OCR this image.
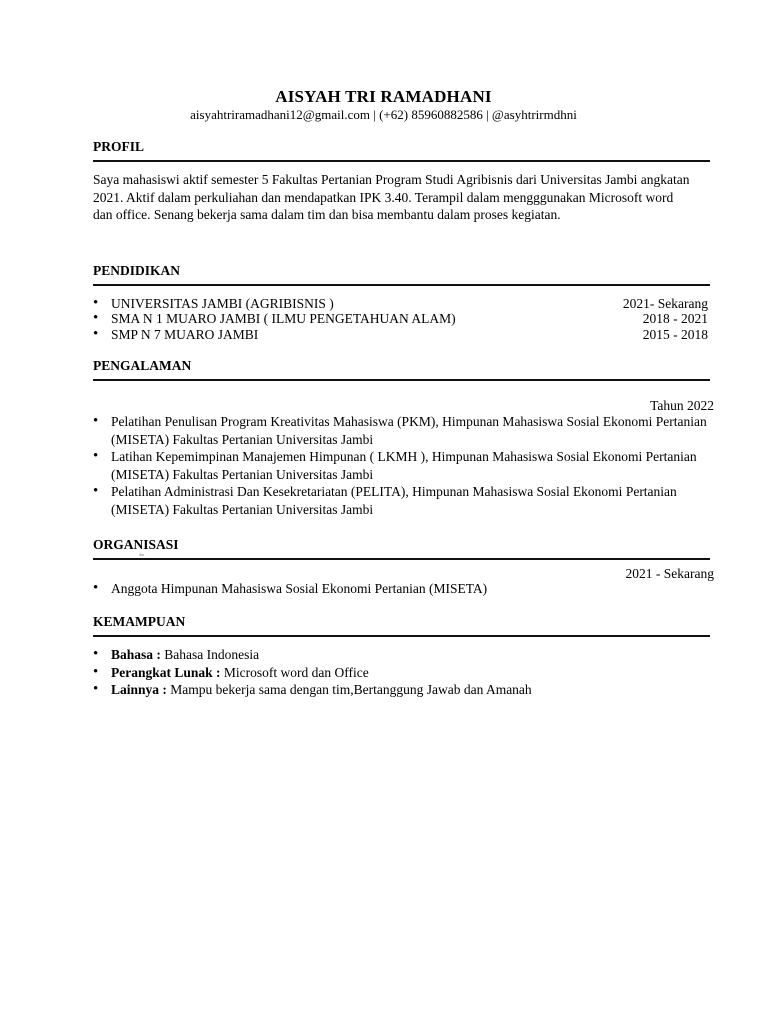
AISYAH TRI RAMADHANI
aisyahtriramadhani12@gmail.com | (+62) 85960882586 | @asyhtrirmdhni
PROFIL
Saya mahasiswi aktif semester 5 Fakultas Pertanian Program Studi Agribisnis dari Universitas Jambi angkatan 2021. Aktif dalam perkuliahan dan mendapatkan IPK 3.40. Terampil dalam mengggunakan Microsoft word dan office. Senang bekerja sama dalam tim dan bisa membantu dalam proses kegiatan.
PENDIDIKAN
• UNIVERSITAS JAMBI (AGRIBISNIS )	2021- Sekarang
• SMA N 1 MUARO JAMBI ( ILMU PENGETAHUAN ALAM)	2018 - 2021
• SMP N 7 MUARO JAMBI	2015 - 2018
PENGALAMAN
Tahun 2022
• Pelatihan Penulisan Program Kreativitas Mahasiswa (PKM), Himpunan Mahasiswa Sosial Ekonomi Pertanian (MISETA) Fakultas Pertanian Universitas Jambi
• Latihan Kepemimpinan Manajemen Himpunan ( LKMH ), Himpunan Mahasiswa Sosial Ekonomi Pertanian (MISETA) Fakultas Pertanian Universitas Jambi
• Pelatihan Administrasi Dan Kesekretariatan (PELITA), Himpunan Mahasiswa Sosial Ekonomi Pertanian (MISETA) Fakultas Pertanian Universitas Jambi
ORGANISASI
dse
2021 - Sekarang
• Anggota Himpunan Mahasiswa Sosial Ekonomi Pertanian (MISETA)
KEMAMPUAN
• Bahasa : Bahasa Indonesia
• Perangkat Lunak : Microsoft word dan Office
• Lainnya : Mampu bekerja sama dengan tim,Bertanggung Jawab dan Amanah
